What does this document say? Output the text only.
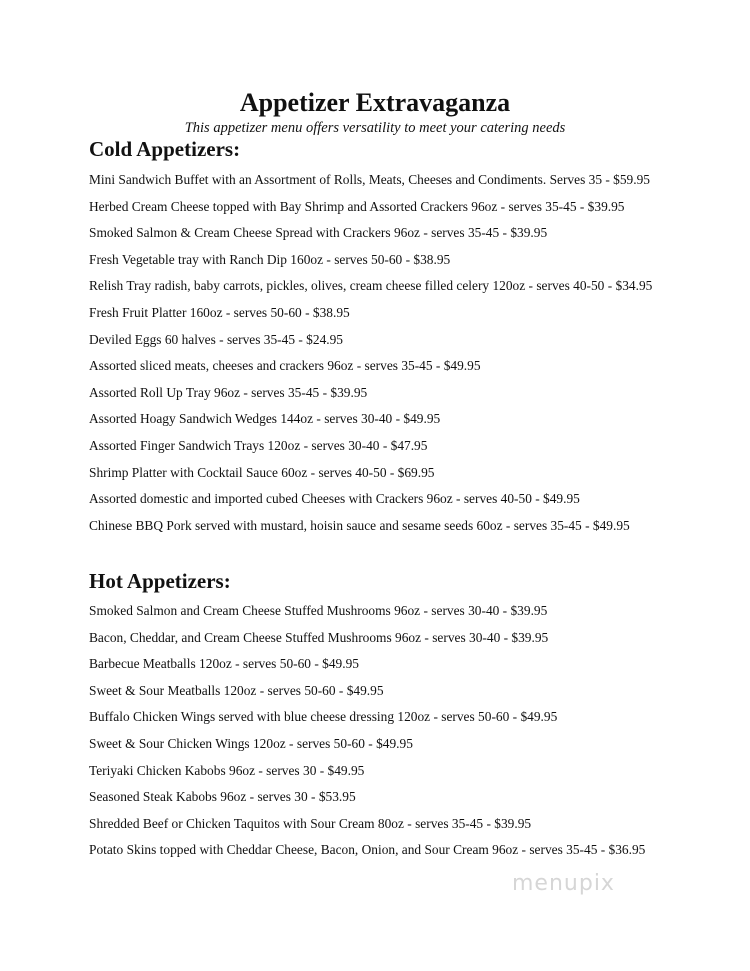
Appetizer Extravaganza

This appetizer menu offers versatility to meet your catering needs

Cold Appetizers:
Mini Sandwich Buffet with an Assortment of Rolls, Meats, Cheeses and Condiments. Serves 35 - $59.95
Herbed Cream Cheese topped with Bay Shrimp and Assorted Crackers 96oz - serves 35-45 - $39.95
Smoked Salmon & Cream Cheese Spread with Crackers 96oz - serves 35-45 - $39.95
Fresh Vegetable tray with Ranch Dip 160oz - serves 50-60 - $38.95
Relish Tray radish, baby carrots, pickles, olives, cream cheese filled celery 120oz - serves 40-50 - $34.95
Fresh Fruit Platter 160oz - serves 50-60 - $38.95
Deviled Eggs 60 halves - serves 35-45 - $24.95
Assorted sliced meats, cheeses and crackers 96oz - serves 35-45 - $49.95
Assorted Roll Up Tray 96oz - serves 35-45 - $39.95
Assorted Hoagy Sandwich Wedges 144oz - serves 30-40 - $49.95
Assorted Finger Sandwich Trays 120oz - serves 30-40 - $47.95
Shrimp Platter with Cocktail Sauce 60oz - serves 40-50 - $69.95
Assorted domestic and imported cubed Cheeses with Crackers 96oz - serves 40-50 - $49.95
Chinese BBQ Pork served with mustard, hoisin sauce and sesame seeds 60oz - serves 35-45 - $49.95
Hot Appetizers:
Smoked Salmon and Cream Cheese Stuffed Mushrooms 96oz - serves 30-40 - $39.95
Bacon, Cheddar, and Cream Cheese Stuffed Mushrooms 96oz - serves 30-40 - $39.95
Barbecue Meatballs 120oz - serves 50-60 - $49.95
Sweet & Sour Meatballs 120oz - serves 50-60 - $49.95
Buffalo Chicken Wings served with blue cheese dressing 120oz - serves 50-60 - $49.95
Sweet & Sour Chicken Wings 120oz - serves 50-60 - $49.95
Teriyaki Chicken Kabobs 96oz - serves 30 - $49.95
Seasoned Steak Kabobs 96oz - serves 30 - $53.95
Shredded Beef or Chicken Taquitos with Sour Cream 80oz - serves 35-45 - $39.95
Potato Skins topped with Cheddar Cheese, Bacon, Onion, and Sour Cream 96oz - serves 35-45 - $36.95
menupix
